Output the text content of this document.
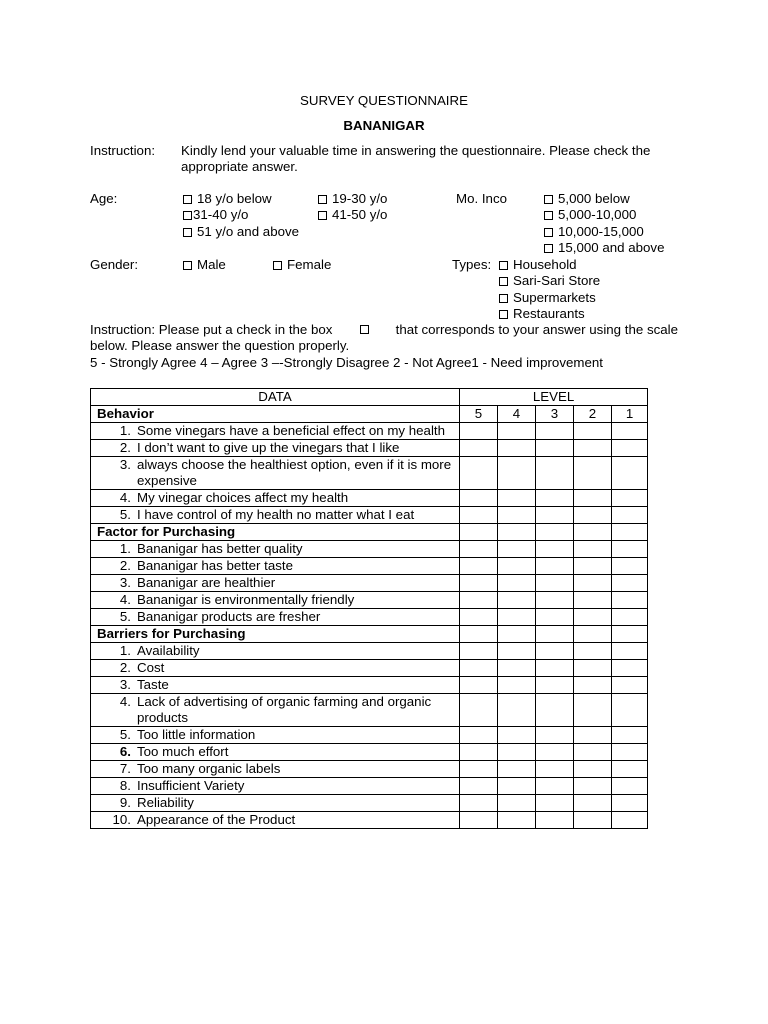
SURVEY QUESTIONNAIRE
BANANIGAR
Instruction: Kindly lend your valuable time in answering the questionnaire. Please check the
appropriate answer.
Age:	18 y/o below	19-30 y/o
31-40 y/o	41-50 y/o
51 y/o and above
Mo. Inco	5,000 below
5,000-10,000
10,000-15,000
15,000 and above
Gender:	Male	Female	Types:	Household
Sari-Sari Store
Supermarkets
Restaurants
Instruction: Please put a check in the box	that corresponds to your answer using the scale
below. Please answer the question properly.
5 - Strongly Agree 4 – Agree 3 –-Strongly Disagree 2 - Not Agree1 - Need improvement
DATA	LEVEL				
Behavior	5	4	3	2	1

1. Some vinegars have a beneficial effect on my health					

2. I don’t want to give up the vinegars that I like					

3. always choose the healthiest option, even if it is more expensive					

4. My vinegar choices affect my health					

5. I have control of my health no matter what I eat					

Factor for Purchasing					

1. Bananigar has better quality					

2. Bananigar has better taste					

3. Bananigar are healthier					

4. Bananigar is environmentally friendly					

5. Bananigar products are fresher					

Barriers for Purchasing					

1. Availability					

2. Cost					

3. Taste					

4. Lack of advertising of organic farming and organic products					

5. Too little information					

6. Too much effort					

7. Too many organic labels					

8. Insufficient Variety					

9. Reliability					

10. Appearance of the Product					
